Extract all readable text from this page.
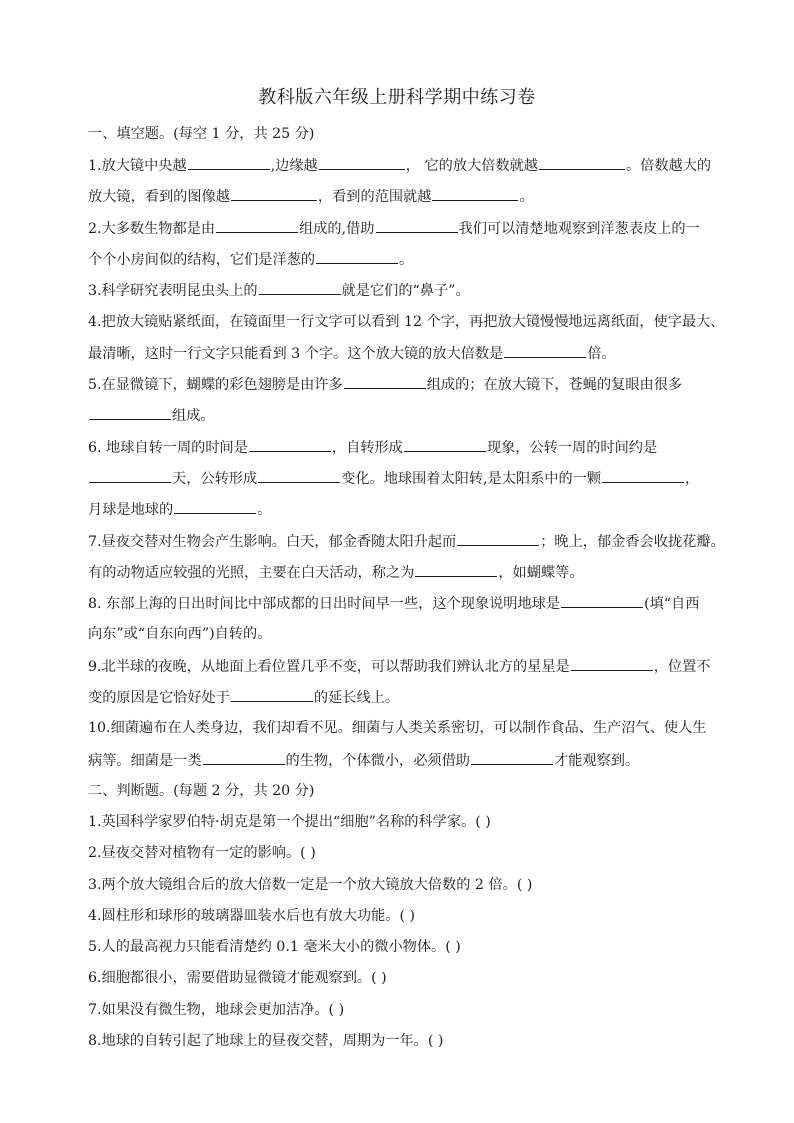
教科版六年级上册科学期中练习卷
一、填空题。(每空 1 分，共 25 分)
1.放大镜中央越	,边缘越	， 它的放大倍数就越	。倍数越大的
放大镜，看到的图像越	，看到的范围就越	。
2.大多数生物都是由	组成的,借助	我们可以清楚地观察到洋葱表皮上的一
个个小房间似的结构，它们是洋葱的	。
3.科学研究表明昆虫头上的	就是它们的“鼻子”。
4.把放大镜贴紧纸面，在镜面里一行文字可以看到 12 个字，再把放大镜慢慢地远离纸面，使字最大、
最清晰，这时一行文字只能看到 3 个字。这个放大镜的放大倍数是	倍。
5.在显微镜下，蝴蝶的彩色翅膀是由许多	组成的；在放大镜下，苍蝇的复眼由很多
组成。
6. 地球自转一周的时间是	，自转形成	现象，公转一周的时间约是
天，公转形成	变化。地球围着太阳转,是太阳系中的一颗	，
月球是地球的	。
7.昼夜交替对生物会产生影响。白天，郁金香随太阳升起而	；晚上，郁金香会收拢花瓣。
有的动物适应较强的光照，主要在白天活动，称之为	，如蝴蝶等。
8. 东部上海的日出时间比中部成都的日出时间早一些，这个现象说明地球是	(填“自西
向东”或“自东向西”)自转的。
9.北半球的夜晚，从地面上看位置几乎不变，可以帮助我们辨认北方的星星是	，位置不
变的原因是它恰好处于	的延长线上。
10.细菌遍布在人类身边，我们却看不见。细菌与人类关系密切，可以制作食品、生产沼气、使人生
病等。细菌是一类	的生物，个体微小，必须借助	才能观察到。
二、判断题。(每题 2 分，共 20 分)
1.英国科学家罗伯特·胡克是第一个提出“细胞”名称的科学家。( )
2.昼夜交替对植物有一定的影响。( )
3.两个放大镜组合后的放大倍数一定是一个放大镜放大倍数的 2 倍。( )
4.圆柱形和球形的玻璃器皿装水后也有放大功能。( )
5.人的最高视力只能看清楚约 0.1 毫米大小的微小物体。( )
6.细胞都很小，需要借助显微镜才能观察到。( )
7.如果没有微生物，地球会更加洁净。( )
8.地球的自转引起了地球上的昼夜交替，周期为一年。( )
